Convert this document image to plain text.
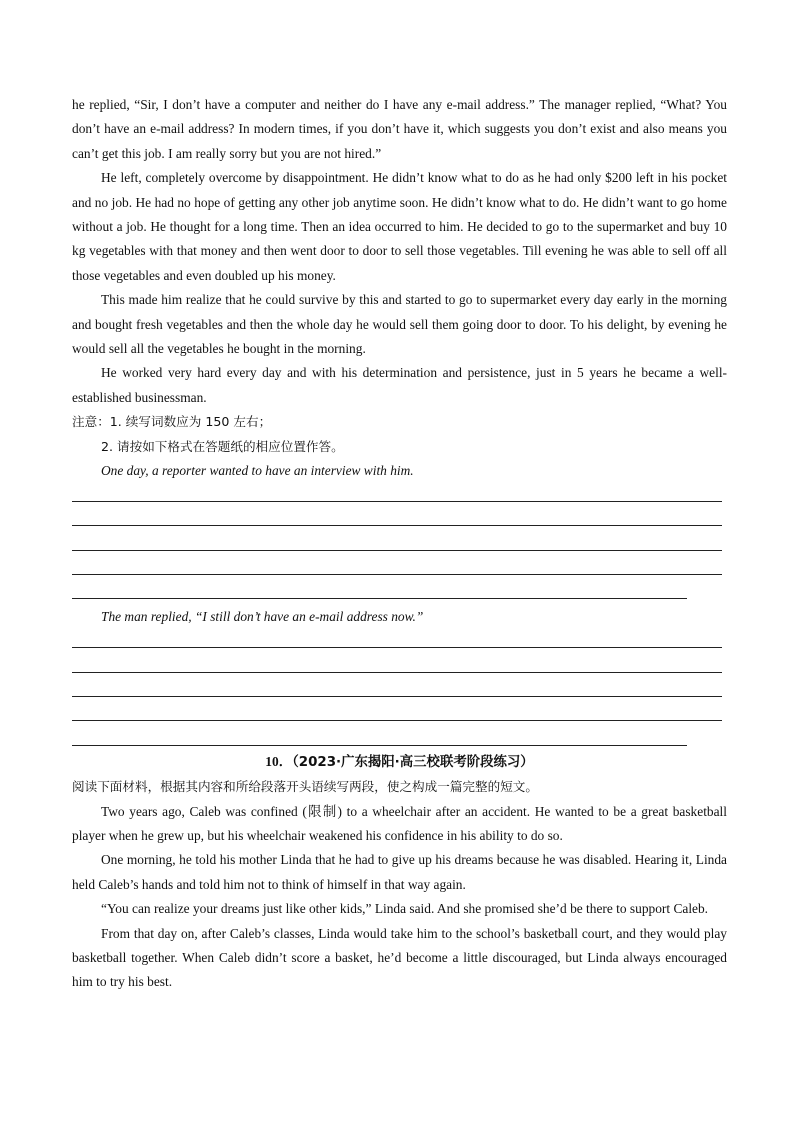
he replied, “Sir, I don’t have a computer and neither do I have any e-mail address.” The manager replied, “What? You don’t have an e-mail address? In modern times, if you don’t have it, which suggests you don’t exist and also means you can’t get this job. I am really sorry but you are not hired.”

He left, completely overcome by disappointment. He didn’t know what to do as he had only $200 left in his pocket and no job. He had no hope of getting any other job anytime soon. He didn’t know what to do. He didn’t want to go home without a job. He thought for a long time. Then an idea occurred to him. He decided to go to the supermarket and buy 10 kg vegetables with that money and then went door to door to sell those vegetables. Till evening he was able to sell off all those vegetables and even doubled up his money.

This made him realize that he could survive by this and started to go to supermarket every day early in the morning and bought fresh vegetables and then the whole day he would sell them going door to door. To his delight, by evening he would sell all the vegetables he bought in the morning.

He worked very hard every day and with his determination and persistence, just in 5 years he became a well-established businessman.

注意：1. 续写词数应为 150 左右；

2. 请按如下格式在答题纸的相应位置作答。

One day, a reporter wanted to have an interview with him.

The man replied, “I still don’t have an e-mail address now.”

10．（2023·广东揭阳·高三校联考阶段练习）

阅读下面材料，根据其内容和所给段落开头语续写两段，使之构成一篇完整的短文。

Two years ago, Caleb was confined (限制) to a wheelchair after an accident. He wanted to be a great basketball player when he grew up, but his wheelchair weakened his confidence in his ability to do so.

One morning, he told his mother Linda that he had to give up his dreams because he was disabled. Hearing it, Linda held Caleb’s hands and told him not to think of himself in that way again.

“You can realize your dreams just like other kids,” Linda said. And she promised she’d be there to support Caleb.

From that day on, after Caleb’s classes, Linda would take him to the school’s basketball court, and they would play basketball together. When Caleb didn’t score a basket, he’d become a little discouraged, but Linda always encouraged him to try his best.
